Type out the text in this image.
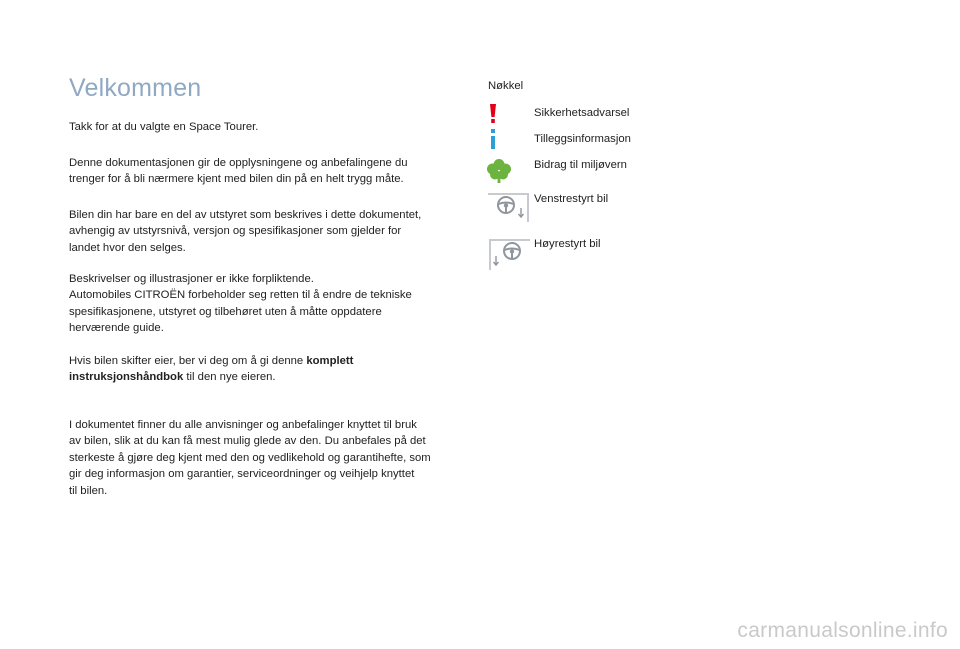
Velkommen
Takk for at du valgte en Space Tourer.
Denne dokumentasjonen gir de opplysningene og anbefalingene du
trenger for å bli nærmere kjent med bilen din på en helt trygg måte.
Bilen din har bare en del av utstyret som beskrives i dette dokumentet,
avhengig av utstyrsnivå, versjon og spesifikasjoner som gjelder for
landet hvor den selges.
Beskrivelser og illustrasjoner er ikke forpliktende.
Automobiles CITROËN forbeholder seg retten til å endre de tekniske
spesifikasjonene, utstyret og tilbehøret uten å måtte oppdatere
herværende guide.
Hvis bilen skifter eier, ber vi deg om å gi denne komplett
instruksjonshåndbok til den nye eieren.
I dokumentet finner du alle anvisninger og anbefalinger knyttet til bruk
av bilen, slik at du kan få mest mulig glede av den. Du anbefales på det
sterkeste å gjøre deg kjent med den og vedlikehold og garantihefte, som
gir deg informasjon om garantier, serviceordninger og veihjelp knyttet
til bilen.
Nøkkel
Sikkerhetsadvarsel
Tilleggsinformasjon
Bidrag til miljøvern
Venstrestyrt bil
Høyrestyrt bil
carmanualsonline.info
